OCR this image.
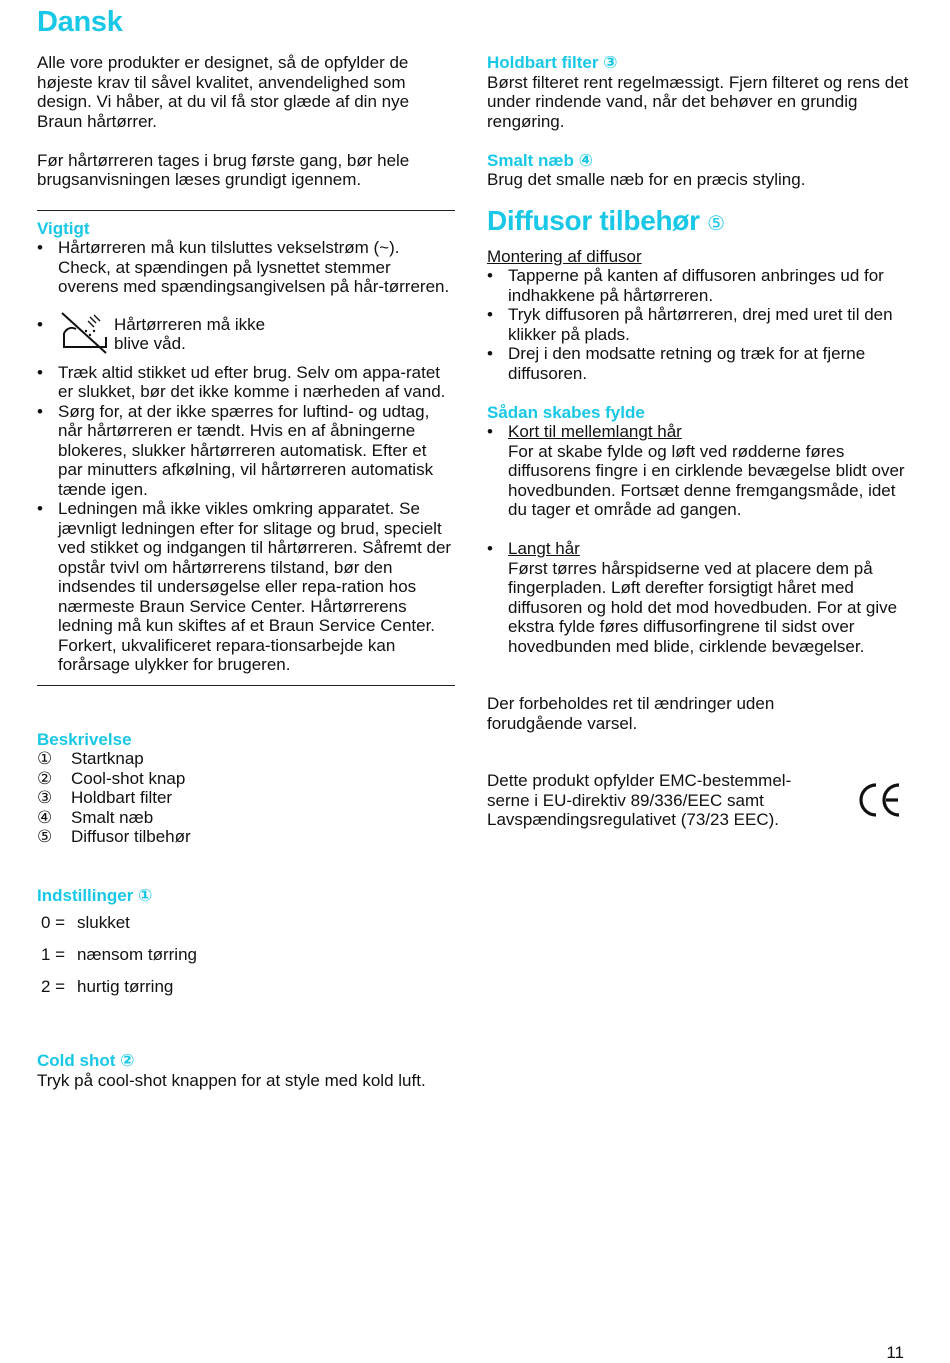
Dansk

Alle vore produkter er designet, så de opfylder de højeste krav til såvel kvalitet, anvendelighed som design. Vi håber, at du vil få stor glæde af din nye Braun hårtørrer.

Før hårtørreren tages i brug første gang, bør hele brugsanvisningen læses grundigt igennem.

Vigtigt
• Hårtørreren må kun tilsluttes vekselstrøm (~). Check, at spændingen på lysnettet stemmer overens med spændingsangivelsen på hår-tørreren.
•	Hårtørreren må ikke blive våd.
• Træk altid stikket ud efter brug. Selv om appa-ratet er slukket, bør det ikke komme i nærheden af vand.
• Sørg for, at der ikke spærres for luftind- og udtag, når hårtørreren er tændt. Hvis en af åbningerne blokeres, slukker hårtørreren automatisk. Efter et par minutters afkølning, vil hårtørreren automatisk tænde igen.
• Ledningen må ikke vikles omkring apparatet. Se jævnligt ledningen efter for slitage og brud, specielt ved stikket og indgangen til hårtørreren. Såfremt der opstår tvivl om hårtørrerens tilstand, bør den indsendes til undersøgelse eller repa-ration hos nærmeste Braun Service Center. Hårtørrerens ledning må kun skiftes af et Braun Service Center. Forkert, ukvalificeret repara-tionsarbejde kan forårsage ulykker for brugeren.
Beskrivelse
①	Startknap
②	Cool-shot knap
③	Holdbart filter
④	Smalt næb
⑤	Diffusor tilbehør
Indstillinger ①
0 = slukket
1 = nænsom tørring
2 = hurtig tørring
Cold shot ②

Tryk på cool-shot knappen for at style med kold luft.

Holdbart filter ③

Børst filteret rent regelmæssigt. Fjern filteret og rens det under rindende vand, når det behøver en grundig rengøring.

Smalt næb ④

Brug det smalle næb for en præcis styling.

Diffusor tilbehør ⑤
Montering af diffusor
• Tapperne på kanten af diffusoren anbringes ud for indhakkene på hårtørreren.
• Tryk diffusoren på hårtørreren, drej med uret til den klikker på plads.
• Drej i den modsatte retning og træk for at fjerne diffusoren.
Sådan skabes fylde
• Kort til mellemlangt hår
For at skabe fylde og løft ved rødderne føres diffusorens fingre i en cirklende bevægelse blidt over hovedbunden. Fortsæt denne fremgangsmåde, idet du tager et område ad gangen.
• Langt hår
Først tørres hårspidserne ved at placere dem på fingerpladen. Løft derefter forsigtigt håret med diffusoren og hold det mod hovedbuden. For at give ekstra fylde føres diffusorfingrene til sidst over hovedbunden med blide, cirklende bevægelser.

Der forbeholdes ret til ændringer uden forudgående varsel.

Dette produkt opfylder EMC-bestemmel-serne i EU-direktiv 89/336/EEC samt Lavspændingsregulativet (73/23 EEC).

11
